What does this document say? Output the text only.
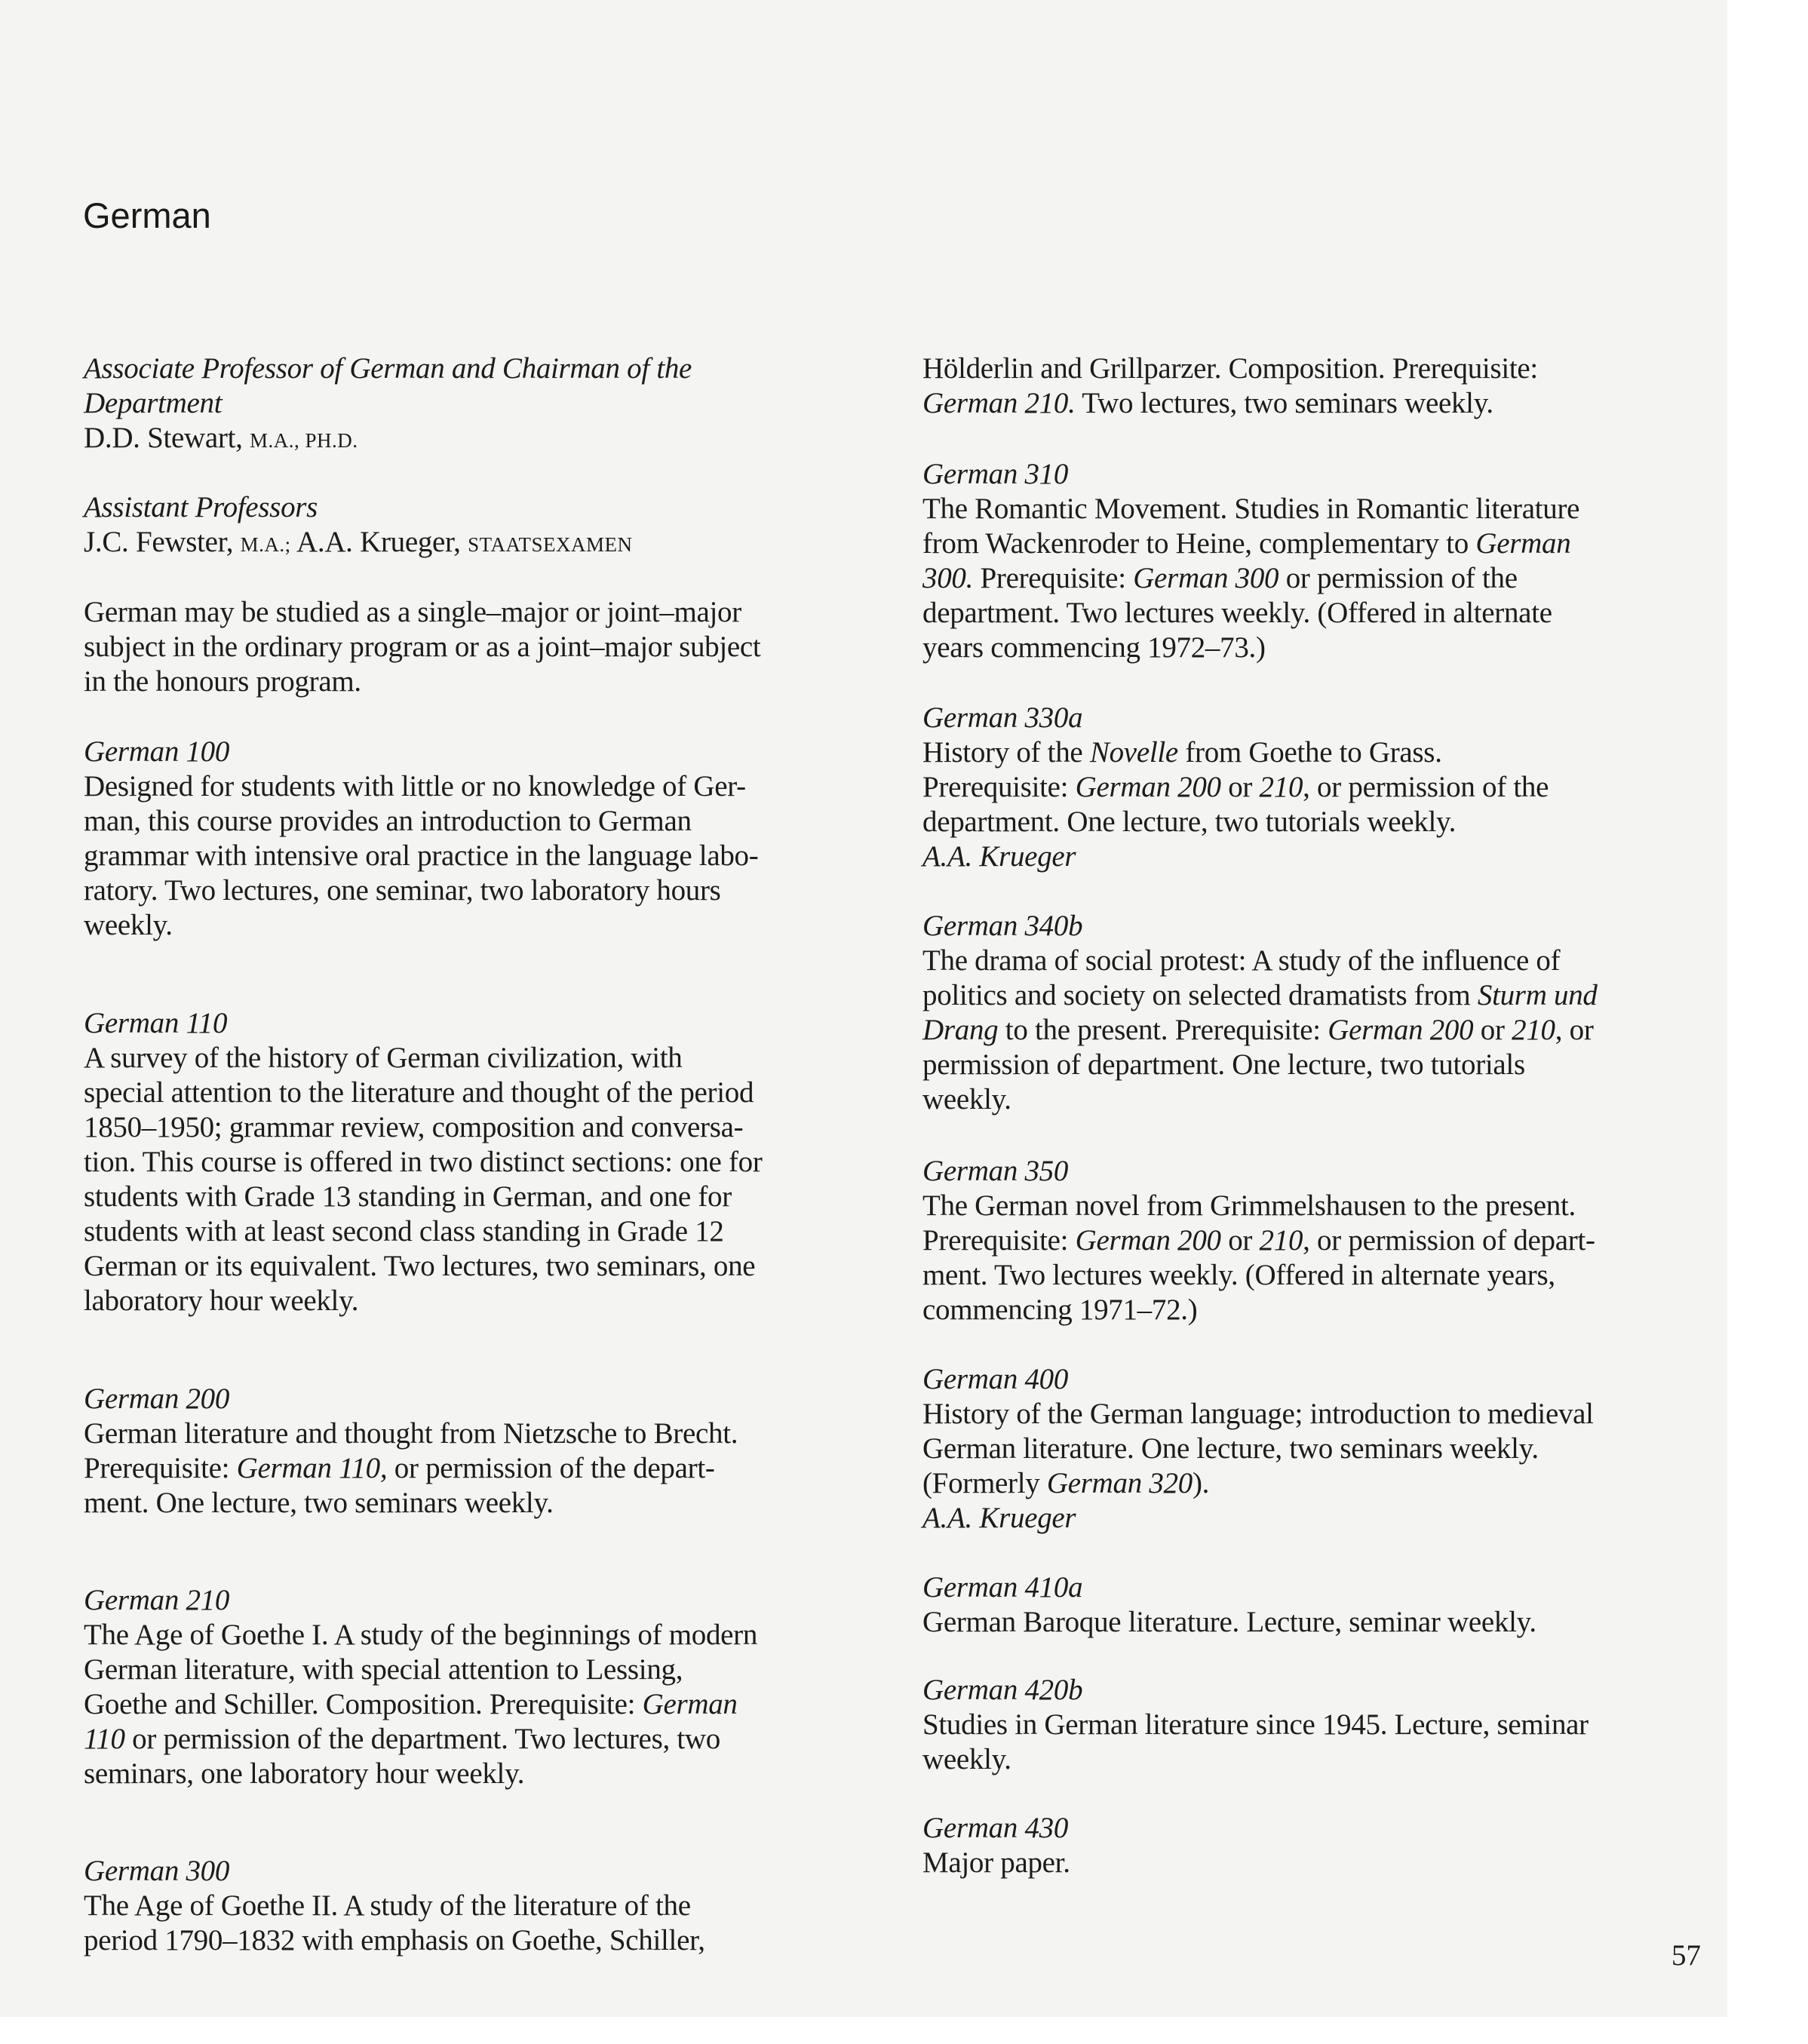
German
Associate Professor of German and Chairman of the
Department
D.D. Stewart, M.A., PH.D.
Assistant Professors
J.C. Fewster, M.A.; A.A. Krueger, STAATSEXAMEN
German may be studied as a single–major or joint–major
subject in the ordinary program or as a joint–major subject
in the honours program.
German 100
Designed for students with little or no knowledge of Ger-
man, this course provides an introduction to German
grammar with intensive oral practice in the language labo-
ratory. Two lectures, one seminar, two laboratory hours
weekly.
German 110
A survey of the history of German civilization, with
special attention to the literature and thought of the period
1850–1950; grammar review, composition and conversa-
tion. This course is offered in two distinct sections: one for
students with Grade 13 standing in German, and one for
students with at least second class standing in Grade 12
German or its equivalent. Two lectures, two seminars, one
laboratory hour weekly.
German 200
German literature and thought from Nietzsche to Brecht.
Prerequisite: German 110, or permission of the depart-
ment. One lecture, two seminars weekly.
German 210
The Age of Goethe I. A study of the beginnings of modern
German literature, with special attention to Lessing,
Goethe and Schiller. Composition. Prerequisite: German
110 or permission of the department. Two lectures, two
seminars, one laboratory hour weekly.
German 300
The Age of Goethe II. A study of the literature of the
period 1790–1832 with emphasis on Goethe, Schiller,
Hölderlin and Grillparzer. Composition. Prerequisite:
German 210. Two lectures, two seminars weekly.
German 310
The Romantic Movement. Studies in Romantic literature
from Wackenroder to Heine, complementary to German
300. Prerequisite: German 300 or permission of the
department. Two lectures weekly. (Offered in alternate
years commencing 1972–73.)
German 330a
History of the Novelle from Goethe to Grass.
Prerequisite: German 200 or 210, or permission of the
department. One lecture, two tutorials weekly.
A.A. Krueger
German 340b
The drama of social protest: A study of the influence of
politics and society on selected dramatists from Sturm und
Drang to the present. Prerequisite: German 200 or 210, or
permission of department. One lecture, two tutorials
weekly.
German 350
The German novel from Grimmelshausen to the present.
Prerequisite: German 200 or 210, or permission of depart-
ment. Two lectures weekly. (Offered in alternate years,
commencing 1971–72.)
German 400
History of the German language; introduction to medieval
German literature. One lecture, two seminars weekly.
(Formerly German 320).
A.A. Krueger
German 410a
German Baroque literature. Lecture, seminar weekly.
German 420b
Studies in German literature since 1945. Lecture, seminar
weekly.
German 430
Major paper.
57
